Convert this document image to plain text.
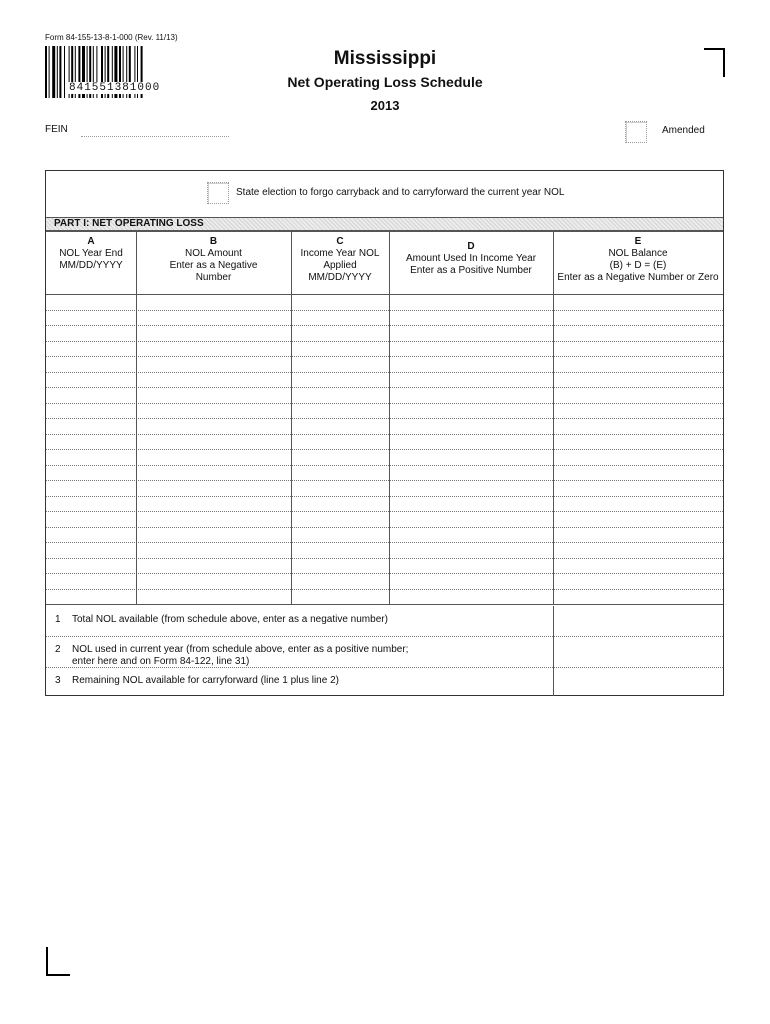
Form 84-155-13-8-1-000 (Rev. 11/13)
841551381000
Mississippi
Net Operating Loss Schedule
2013
FEIN	Amended
State election to forgo carryback and to carryforward the current year NOL
PART I: NET OPERATING LOSS
A
NOL Year End
MM/DD/YYYY
B
NOL Amount
Enter as a Negative
Number
C
Income Year NOL
Applied
MM/DD/YYYY
D
Amount Used In Income Year
Enter as a Positive Number
E
NOL Balance
(B) + D = (E)
Enter as a Negative Number or Zero
1 Total NOL available (from schedule above, enter as a negative number)
2 NOL used in current year (from schedule above, enter as a positive number;
enter here and on Form 84-122, line 31)
3 Remaining NOL available for carryforward (line 1 plus line 2)
